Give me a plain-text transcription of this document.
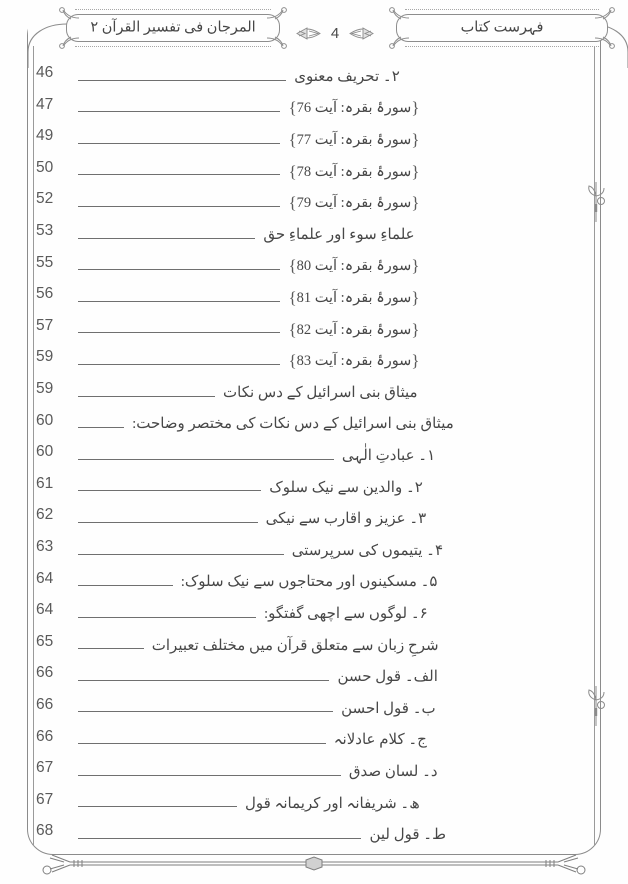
المرجان فی تفسیر القرآن ۲	4	فہرست کتاب
46	۲۔ تحریف معنوی
47	{سورۂ بقرہ: آیت 76}
49	{سورۂ بقرہ: آیت 77}
50	{سورۂ بقرہ: آیت 78}
52	{سورۂ بقرہ: آیت 79}
53	علماءِ سوء اور علماءِ حق
55	{سورۂ بقرہ: آیت 80}
56	{سورۂ بقرہ: آیت 81}
57	{سورۂ بقرہ: آیت 82}
59	{سورۂ بقرہ: آیت 83}
59	میثاق بنی اسرائیل کے دس نکات
60	میثاق بنی اسرائیل کے دس نکات کی مختصر وضاحت:
60	۱۔ عبادتِ الٰہی
61	۲۔ والدین سے نیک سلوک
62	۳۔ عزیز و اقارب سے نیکی
63	۴۔ یتیموں کی سرپرستی
64	۵۔ مسکینوں اور محتاجوں سے نیک سلوک:
64	۶۔ لوگوں سے اچھی گفتگو:
65	شرحِ زبان سے متعلق قرآن میں مختلف تعبیرات
66	الف۔ قول حسن
66	ب۔ قول احسن
66	ج۔ کلام عادلانہ
67	د۔ لسان صدق
67	ھ۔ شریفانہ اور کریمانہ قول
68	ط۔ قول لین
